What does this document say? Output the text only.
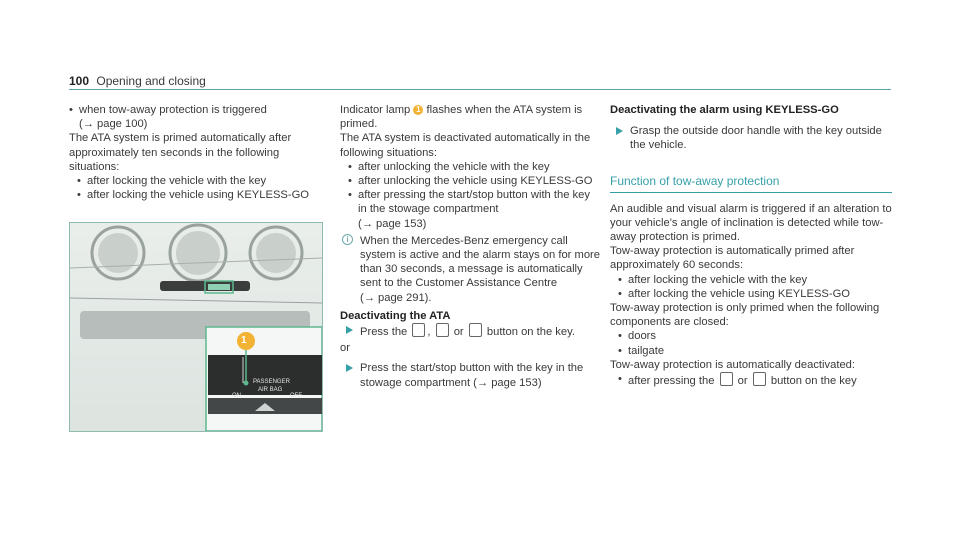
100 Opening and closing

• when tow-away protection is triggered
(→ page 100)

The ATA system is primed automatically after approximately ten seconds in the following situations:

• after locking the vehicle with the key

• after locking the vehicle using KEYLESS-GO

1
ON
PASSENGER
AIR BAG
OFF

Indicator lamp 1 flashes when the ATA system is primed.

The ATA system is deactivated automatically in the following situations:

• after unlocking the vehicle with the key

• after unlocking the vehicle using KEYLESS-GO

• after pressing the start/stop button with the key in the stowage compartment
(→ page 153)

i	When the Mercedes-Benz emergency call system is active and the alarm stays on for more than 30 seconds, a message is automatically sent to the Customer Assistance Centre
(→ page 291).

Deactivating the ATA

Press the , or button on the key.

or

Press the start/stop button with the key in the stowage compartment (→ page 153)

Deactivating the alarm using KEYLESS-GO

Grasp the outside door handle with the key outside the vehicle.

Function of tow-away protection

An audible and visual alarm is triggered if an alteration to your vehicle's angle of inclination is detected while tow-away protection is primed.

Tow-away protection is automatically primed after approximately 60 seconds:

• after locking the vehicle with the key

• after locking the vehicle using KEYLESS-GO

Tow-away protection is only primed when the following components are closed:

• doors

• tailgate

Tow-away protection is automatically deactivated:

• after pressing the or button on the key
